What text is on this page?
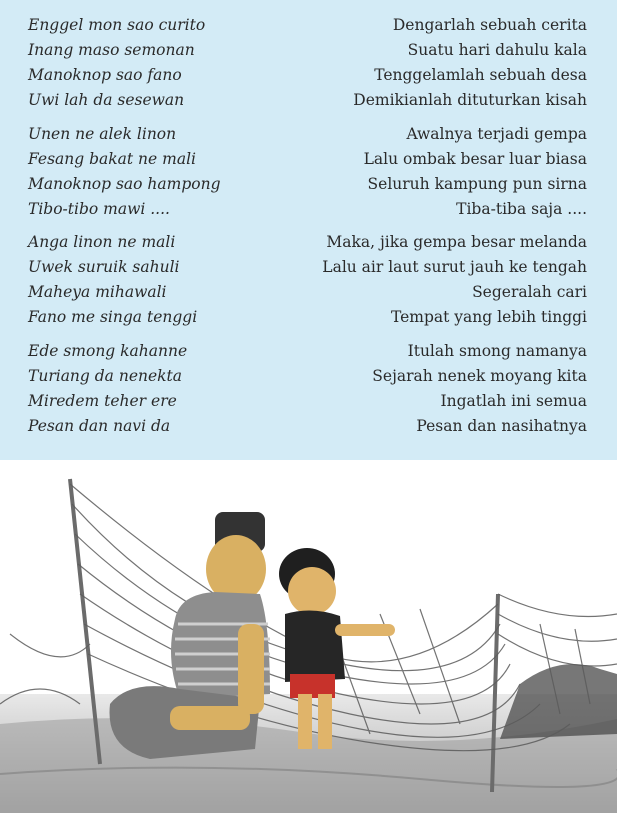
Enggel mon sao curito	Dengarlah sebuah cerita
Inang maso semonan	Suatu hari dahulu kala
Manoknop sao fano	Tenggelamlah sebuah desa
Uwi lah da sesewan	Demikianlah dituturkan kisah
Unen ne alek linon	Awalnya terjadi gempa
Fesang bakat ne mali	Lalu ombak besar luar biasa
Manoknop sao hampong	Seluruh kampung pun sirna
Tibo-tibo mawi ....	Tiba-tiba saja ....
Anga linon ne mali	Maka, jika gempa besar melanda
Uwek suruik sahuli	Lalu air laut surut jauh ke tengah
Maheya mihawali	Segeralah cari
Fano me singa tenggi	Tempat yang lebih tinggi
Ede smong kahanne	Itulah smong namanya
Turiang da nenekta	Sejarah nenek moyang kita
Miredem teher ere	Ingatlah ini semua
Pesan dan navi da	Pesan dan nasihatnya
